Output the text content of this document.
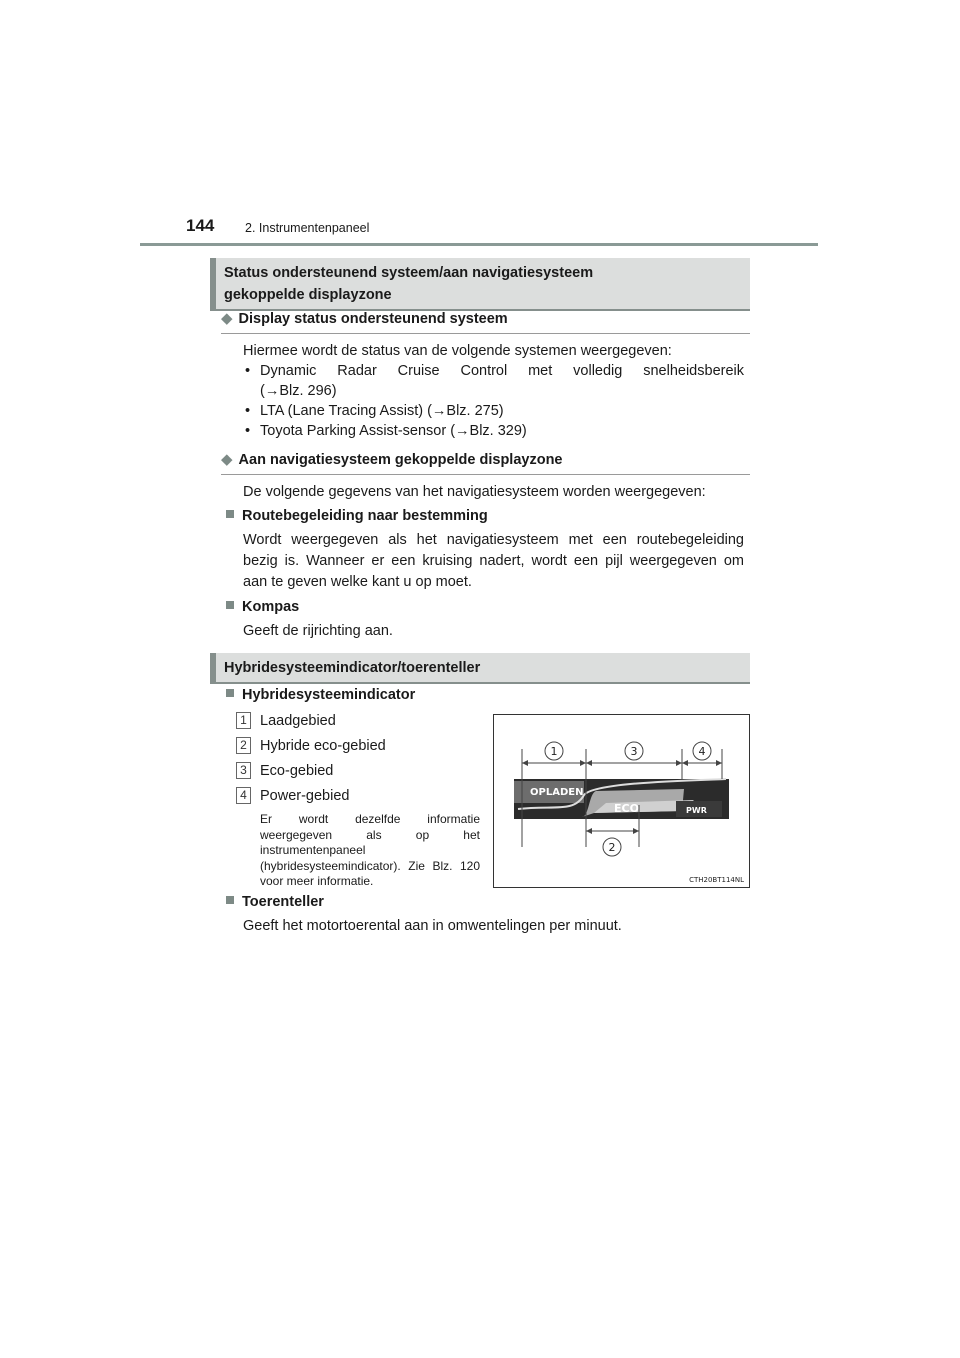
144 2. Instrumentenpaneel
Status ondersteunend systeem/aan navigatiesysteem
gekoppelde displayzone
◆ Display status ondersteunend systeem
Hiermee wordt de status van de volgende systemen weergegeven:
• Dynamic Radar Cruise Control met volledig snelheidsbereik
(→Blz. 296)
• LTA (Lane Tracing Assist) (→Blz. 275)
• Toyota Parking Assist-sensor (→Blz. 329)
◆ Aan navigatiesysteem gekoppelde displayzone
De volgende gegevens van het navigatiesysteem worden weergegeven:
Routebegeleiding naar bestemming
Wordt weergegeven als het navigatiesysteem met een routebegeleiding
bezig is. Wanneer er een kruising nadert, wordt een pijl weergegeven om
aan te geven welke kant u op moet.
Kompas
Geeft de rijrichting aan.
Hybridesysteemindicator/toerenteller
Hybridesysteemindicator
1 Laadgebied
2 Hybride eco-gebied
3 Eco-gebied
4 Power-gebied
Er wordt dezelfde informatie weergegeven als op het instrumentenpaneel (hybridesysteemindicator). Zie Blz. 120 voor meer informatie.
OPLADEN
ECO	PWR
1
2
3	4
CTH20BT114NL
Toerenteller
Geeft het motortoerental aan in omwentelingen per minuut.
